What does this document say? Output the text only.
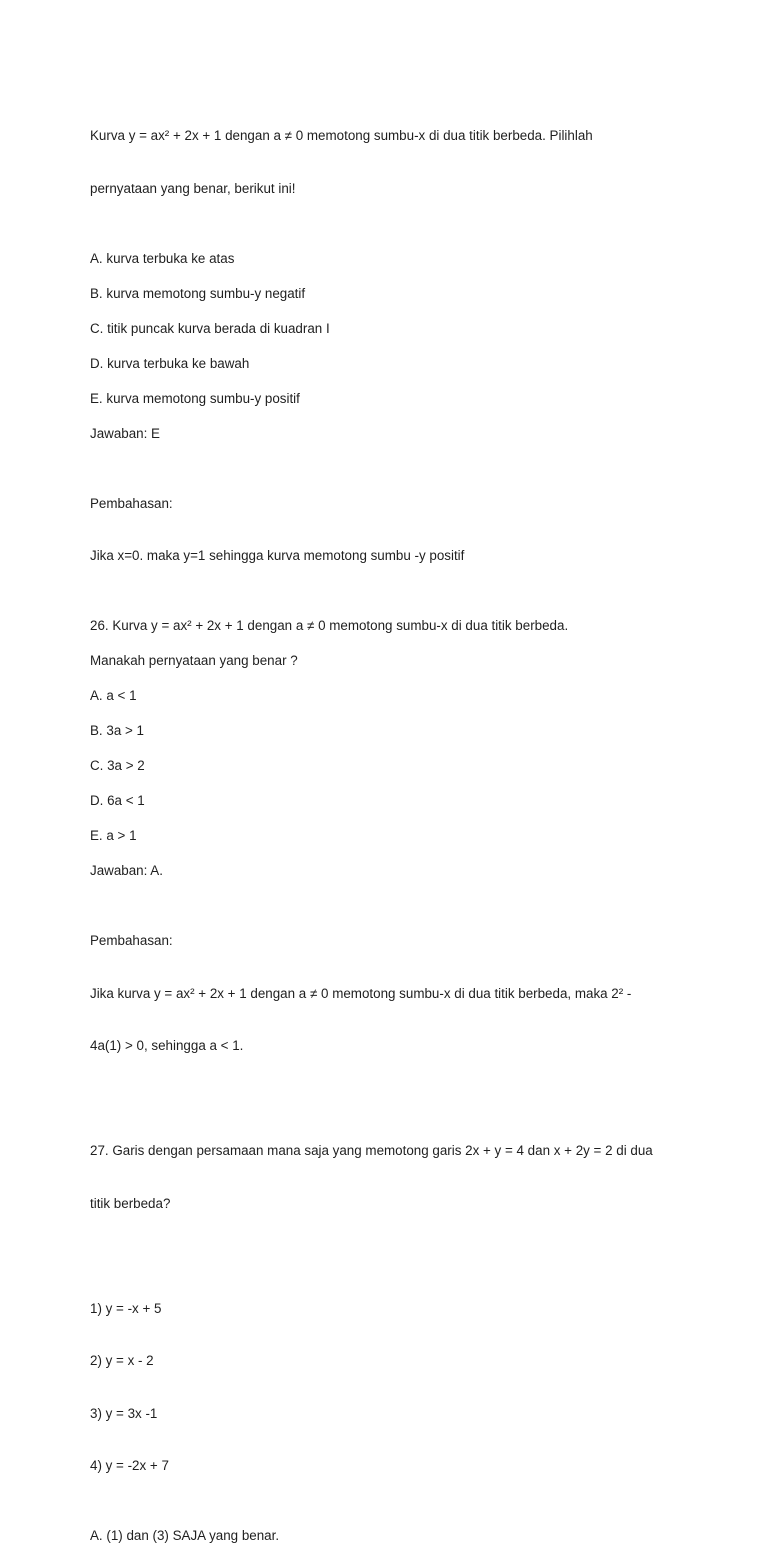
Kurva y = ax² + 2x + 1 dengan a ≠ 0 memotong sumbu-x di dua titik berbeda. Pilihlah

pernyataan yang benar, berikut ini!

A. kurva terbuka ke atas
B. kurva memotong sumbu-y negatif
C. titik puncak kurva berada di kuadran I
D. kurva terbuka ke bawah
E. kurva memotong sumbu-y positif
Jawaban: E

Pembahasan:

Jika x=0. maka y=1 sehingga kurva memotong sumbu -y positif

26. Kurva y = ax² + 2x + 1 dengan a ≠ 0 memotong sumbu-x di dua titik berbeda.
Manakah pernyataan yang benar ?
A. a < 1
B. 3a > 1
C. 3a > 2
D. 6a < 1
E. a > 1
Jawaban: A.

Pembahasan:

Jika kurva y = ax² + 2x + 1 dengan a ≠ 0 memotong sumbu-x di dua titik berbeda, maka 2² -

4a(1) > 0, sehingga a < 1.

27. Garis dengan persamaan mana saja yang memotong garis 2x + y = 4 dan x + 2y = 2 di dua

titik berbeda?

1) y = -x + 5

2) y = x - 2

3) y = 3x -1

4) y = -2x + 7

A. (1) dan (3) SAJA yang benar.
